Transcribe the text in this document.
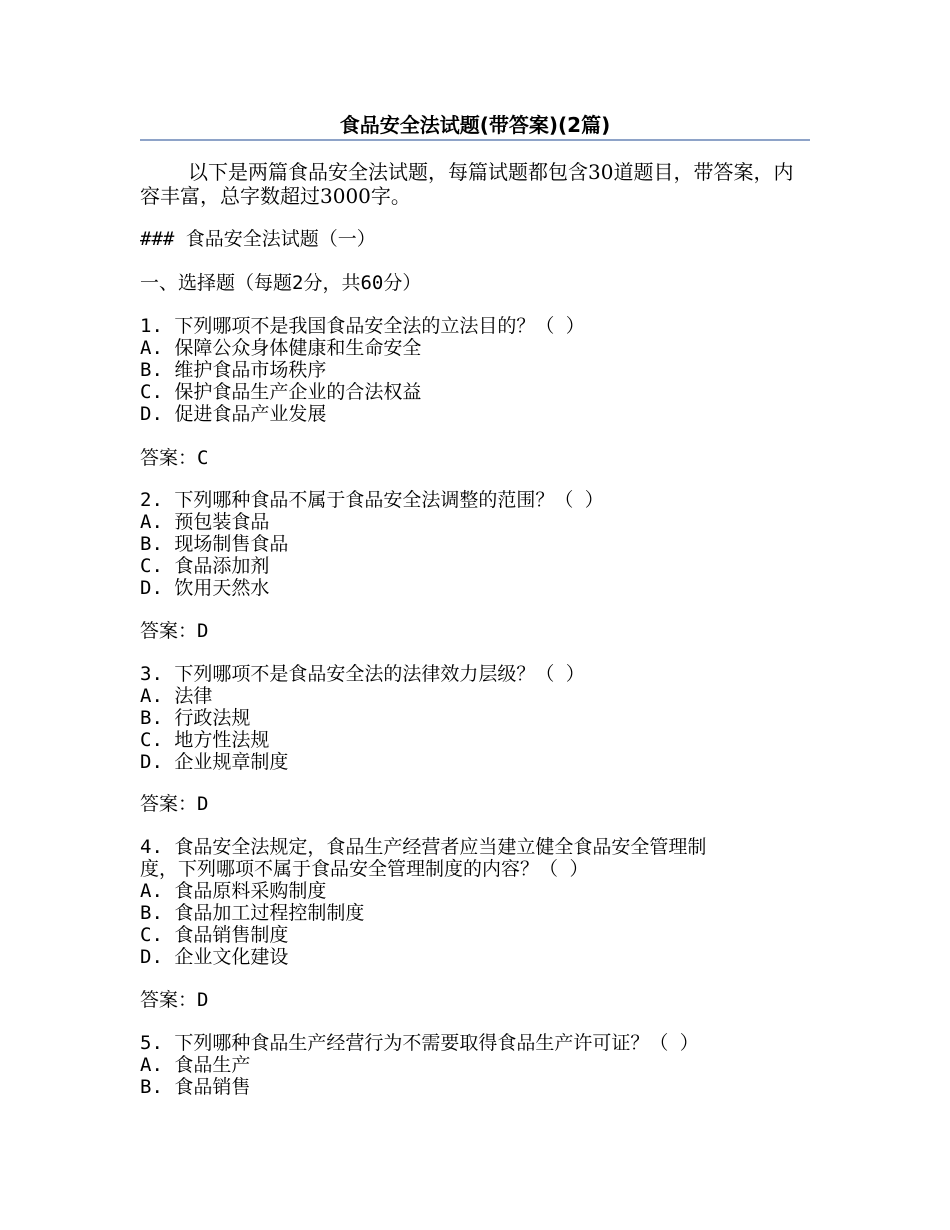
食品安全法试题(带答案)(2篇)

以下是两篇食品安全法试题，每篇试题都包含30道题目，带答案，内容丰富，总字数超过3000字。

### 食品安全法试题（一）

一、选择题（每题2分，共60分）

1. 下列哪项不是我国食品安全法的立法目的？（ ）
A. 保障公众身体健康和生命安全
B. 维护食品市场秩序
C. 保护食品生产企业的合法权益
D. 促进食品产业发展
答案：C
2. 下列哪种食品不属于食品安全法调整的范围？（ ）
A. 预包装食品
B. 现场制售食品
C. 食品添加剂
D. 饮用天然水
答案：D
3. 下列哪项不是食品安全法的法律效力层级？（ ）
A. 法律
B. 行政法规
C. 地方性法规
D. 企业规章制度
答案：D
4. 食品安全法规定，食品生产经营者应当建立健全食品安全管理制
度，下列哪项不属于食品安全管理制度的内容？（ ）
A. 食品原料采购制度
B. 食品加工过程控制制度
C. 食品销售制度
D. 企业文化建设
答案：D
5. 下列哪种食品生产经营行为不需要取得食品生产许可证？（ ）
A. 食品生产
B. 食品销售
